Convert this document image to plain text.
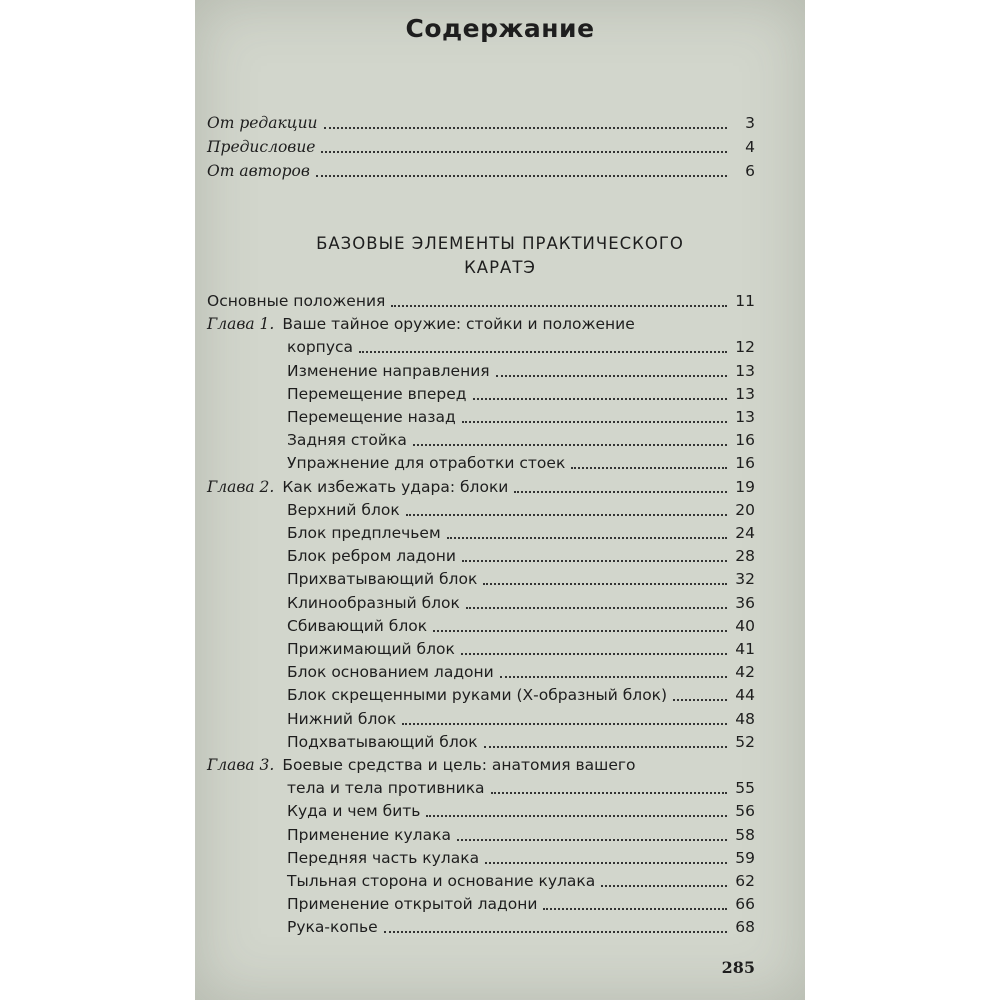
Содержание
БАЗОВЫЕ ЭЛЕМЕНТЫ ПРАКТИЧЕСКОГО
КАРАТЭ
От редакции	3
Предисловие	4
От авторов	6
Основные положения	11
Глава 1. Ваше тайное оружие: стойки и положение
корпуса	12
Изменение направления	13
Перемещение вперед	13
Перемещение назад	13
Задняя стойка	16
Упражнение для отработки стоек	16
Глава 2. Как избежать удара: блоки	19
Верхний блок	20
Блок предплечьем	24
Блок ребром ладони	28
Прихватывающий блок	32
Клинообразный блок	36
Сбивающий блок	40
Прижимающий блок	41
Блок основанием ладони	42
Блок скрещенными руками (Х-образный блок)	44
Нижний блок	48
Подхватывающий блок	52
Глава 3. Боевые средства и цель: анатомия вашего
тела и тела противника	55
Куда и чем бить	56
Применение кулака	58
Передняя часть кулака	59
Тыльная сторона и основание кулака	62
Применение открытой ладони	66
Рука-копье	68
285
